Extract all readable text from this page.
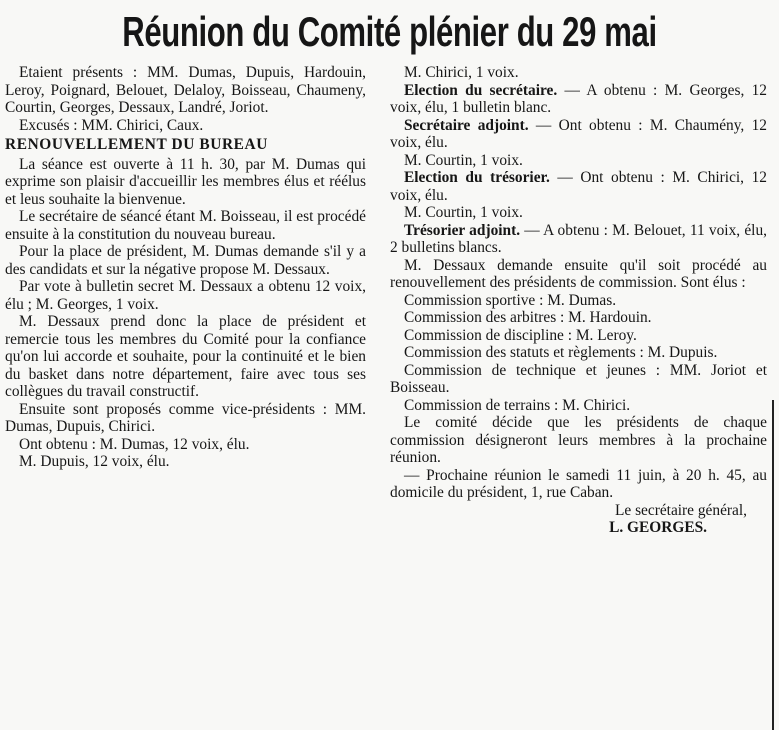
Réunion du Comité plénier du 29 mai

Etaient présents : MM. Dumas, Dupuis, Hardouin, Leroy, Poignard, Belouet, Delaloy, Boisseau, Chaumeny, Courtin, Georges, Dessaux, Landré, Joriot.

Excusés : MM. Chirici, Caux.

RENOUVELLEMENT DU BUREAU

La séance est ouverte à 11 h. 30, par M. Dumas qui exprime son plaisir d'accueillir les membres élus et réélus et leus souhaite la bienvenue.

Le secrétaire de séancé étant M. Boisseau, il est procédé ensuite à la constitution du nouveau bureau.

Pour la place de président, M. Dumas demande s'il y a des candidats et sur la négative propose M. Dessaux.

Par vote à bulletin secret M. Dessaux a obtenu 12 voix, élu ; M. Georges, 1 voix.

M. Dessaux prend donc la place de président et remercie tous les membres du Comité pour la confiance qu'on lui accorde et souhaite, pour la continuité et le bien du basket dans notre département, faire avec tous ses collègues du travail constructif.

Ensuite sont proposés comme vice-présidents : MM. Dumas, Dupuis, Chirici.

Ont obtenu : M. Dumas, 12 voix, élu.

M. Dupuis, 12 voix, élu.

M. Chirici, 1 voix.

Election du secrétaire. — A obtenu : M. Georges, 12 voix, élu, 1 bulletin blanc.

Secrétaire adjoint. — Ont obtenu : M. Chaumény, 12 voix, élu.

M. Courtin, 1 voix.

Election du trésorier. — Ont obtenu : M. Chirici, 12 voix, élu.

M. Courtin, 1 voix.

Trésorier adjoint. — A obtenu : M. Belouet, 11 voix, élu, 2 bulletins blancs.

M. Dessaux demande ensuite qu'il soit procédé au renouvellement des présidents de commission. Sont élus :

Commission sportive : M. Dumas.

Commission des arbitres : M. Hardouin.

Commission de discipline : M. Leroy.

Commission des statuts et règlements : M. Dupuis.

Commission de technique et jeunes : MM. Joriot et Boisseau.

Commission de terrains : M. Chirici.

Le comité décide que les présidents de chaque commission désigneront leurs membres à la prochaine réunion.

— Prochaine réunion le samedi 11 juin, à 20 h. 45, au domicile du président, 1, rue Caban.

Le secrétaire général,

L. GEORGES.
